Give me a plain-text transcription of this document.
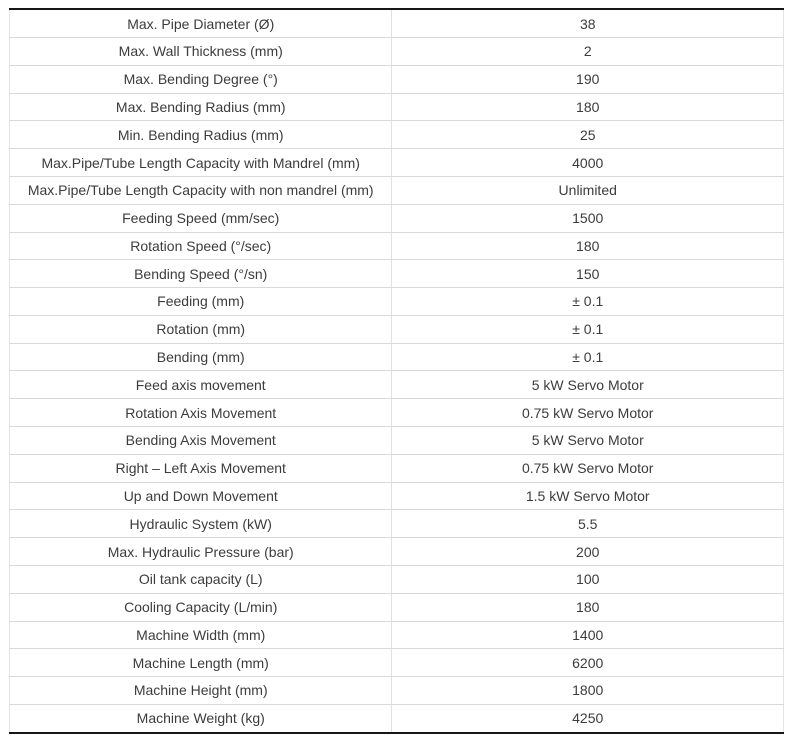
Max. Pipe Diameter (Ø)	38
Max. Wall Thickness (mm)	2
Max. Bending Degree (°)	190
Max. Bending Radius (mm)	180
Min. Bending Radius (mm)	25
Max.Pipe/Tube Length Capacity with Mandrel (mm)	4000
Max.Pipe/Tube Length Capacity with non mandrel (mm)	Unlimited
Feeding Speed (mm/sec)	1500
Rotation Speed (°/sec)	180
Bending Speed (°/sn)	150
Feeding (mm)	± 0.1
Rotation (mm)	± 0.1
Bending (mm)	± 0.1
Feed axis movement	5 kW Servo Motor
Rotation Axis Movement	0.75 kW Servo Motor
Bending Axis Movement	5 kW Servo Motor
Right – Left Axis Movement	0.75 kW Servo Motor
Up and Down Movement	1.5 kW Servo Motor
Hydraulic System (kW)	5.5
Max. Hydraulic Pressure (bar)	200
Oil tank capacity (L)	100
Cooling Capacity (L/min)	180
Machine Width (mm)	1400
Machine Length (mm)	6200
Machine Height (mm)	1800
Machine Weight (kg)	4250
